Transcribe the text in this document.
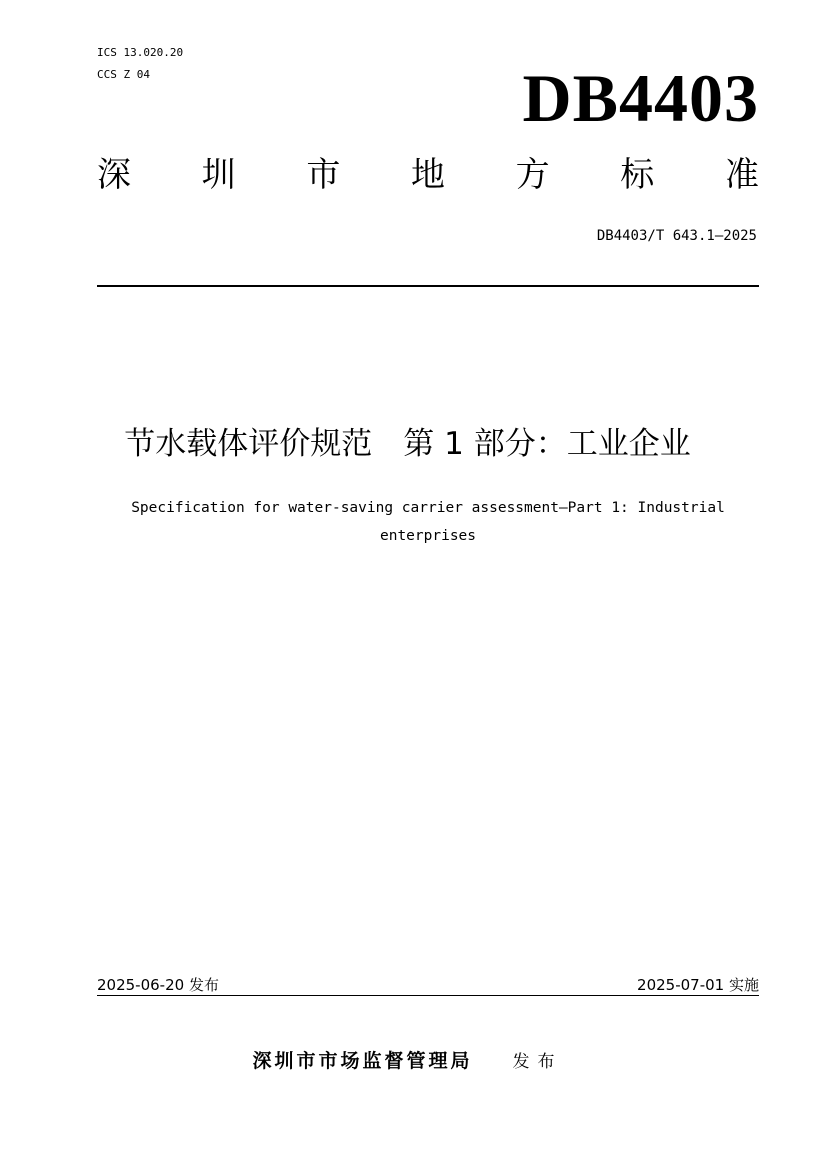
ICS 13.020.20
CCS Z 04	DB4403
深 圳 市 地 方 标 准
DB4403/T 643.1—2025
节水载体评价规范　第 1 部分：工业企业
Specification for water-saving carrier assessment—Part 1: Industrial enterprises
2025-06-20 发布	2025-07-01 实施
深圳市市场监督管理局 发布
